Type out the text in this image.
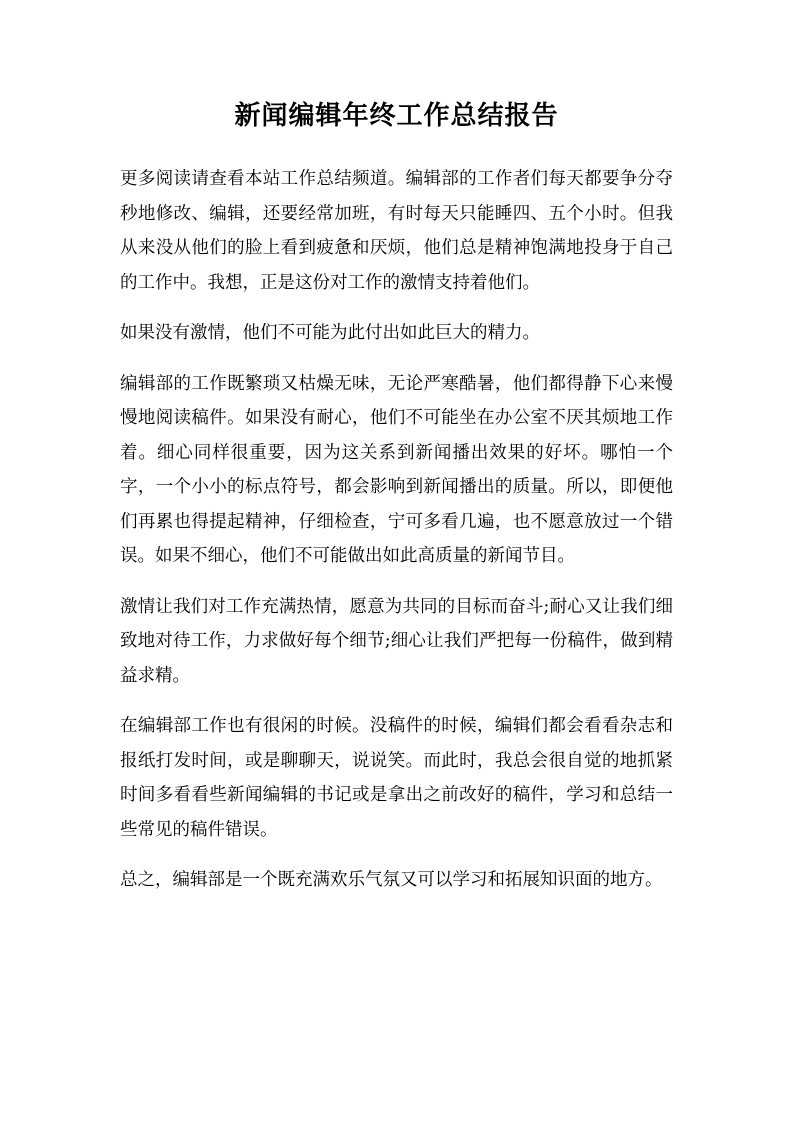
新闻编辑年终工作总结报告

更多阅读请查看本站工作总结频道。编辑部的工作者们每天都要争分夺秒地修改、编辑，还要经常加班，有时每天只能睡四、五个小时。但我从来没从他们的脸上看到疲惫和厌烦，他们总是精神饱满地投身于自己的工作中。我想，正是这份对工作的激情支持着他们。

如果没有激情，他们不可能为此付出如此巨大的精力。

编辑部的工作既繁琐又枯燥无味，无论严寒酷暑，他们都得静下心来慢慢地阅读稿件。如果没有耐心，他们不可能坐在办公室不厌其烦地工作着。细心同样很重要，因为这关系到新闻播出效果的好坏。哪怕一个字，一个小小的标点符号，都会影响到新闻播出的质量。所以，即便他们再累也得提起精神，仔细检查，宁可多看几遍，也不愿意放过一个错误。如果不细心，他们不可能做出如此高质量的新闻节目。

激情让我们对工作充满热情，愿意为共同的目标而奋斗;耐心又让我们细致地对待工作，力求做好每个细节;细心让我们严把每一份稿件，做到精益求精。

在编辑部工作也有很闲的时候。没稿件的时候，编辑们都会看看杂志和报纸打发时间，或是聊聊天，说说笑。而此时，我总会很自觉的地抓紧时间多看看些新闻编辑的书记或是拿出之前改好的稿件，学习和总结一些常见的稿件错误。

总之，编辑部是一个既充满欢乐气氛又可以学习和拓展知识面的地方。
